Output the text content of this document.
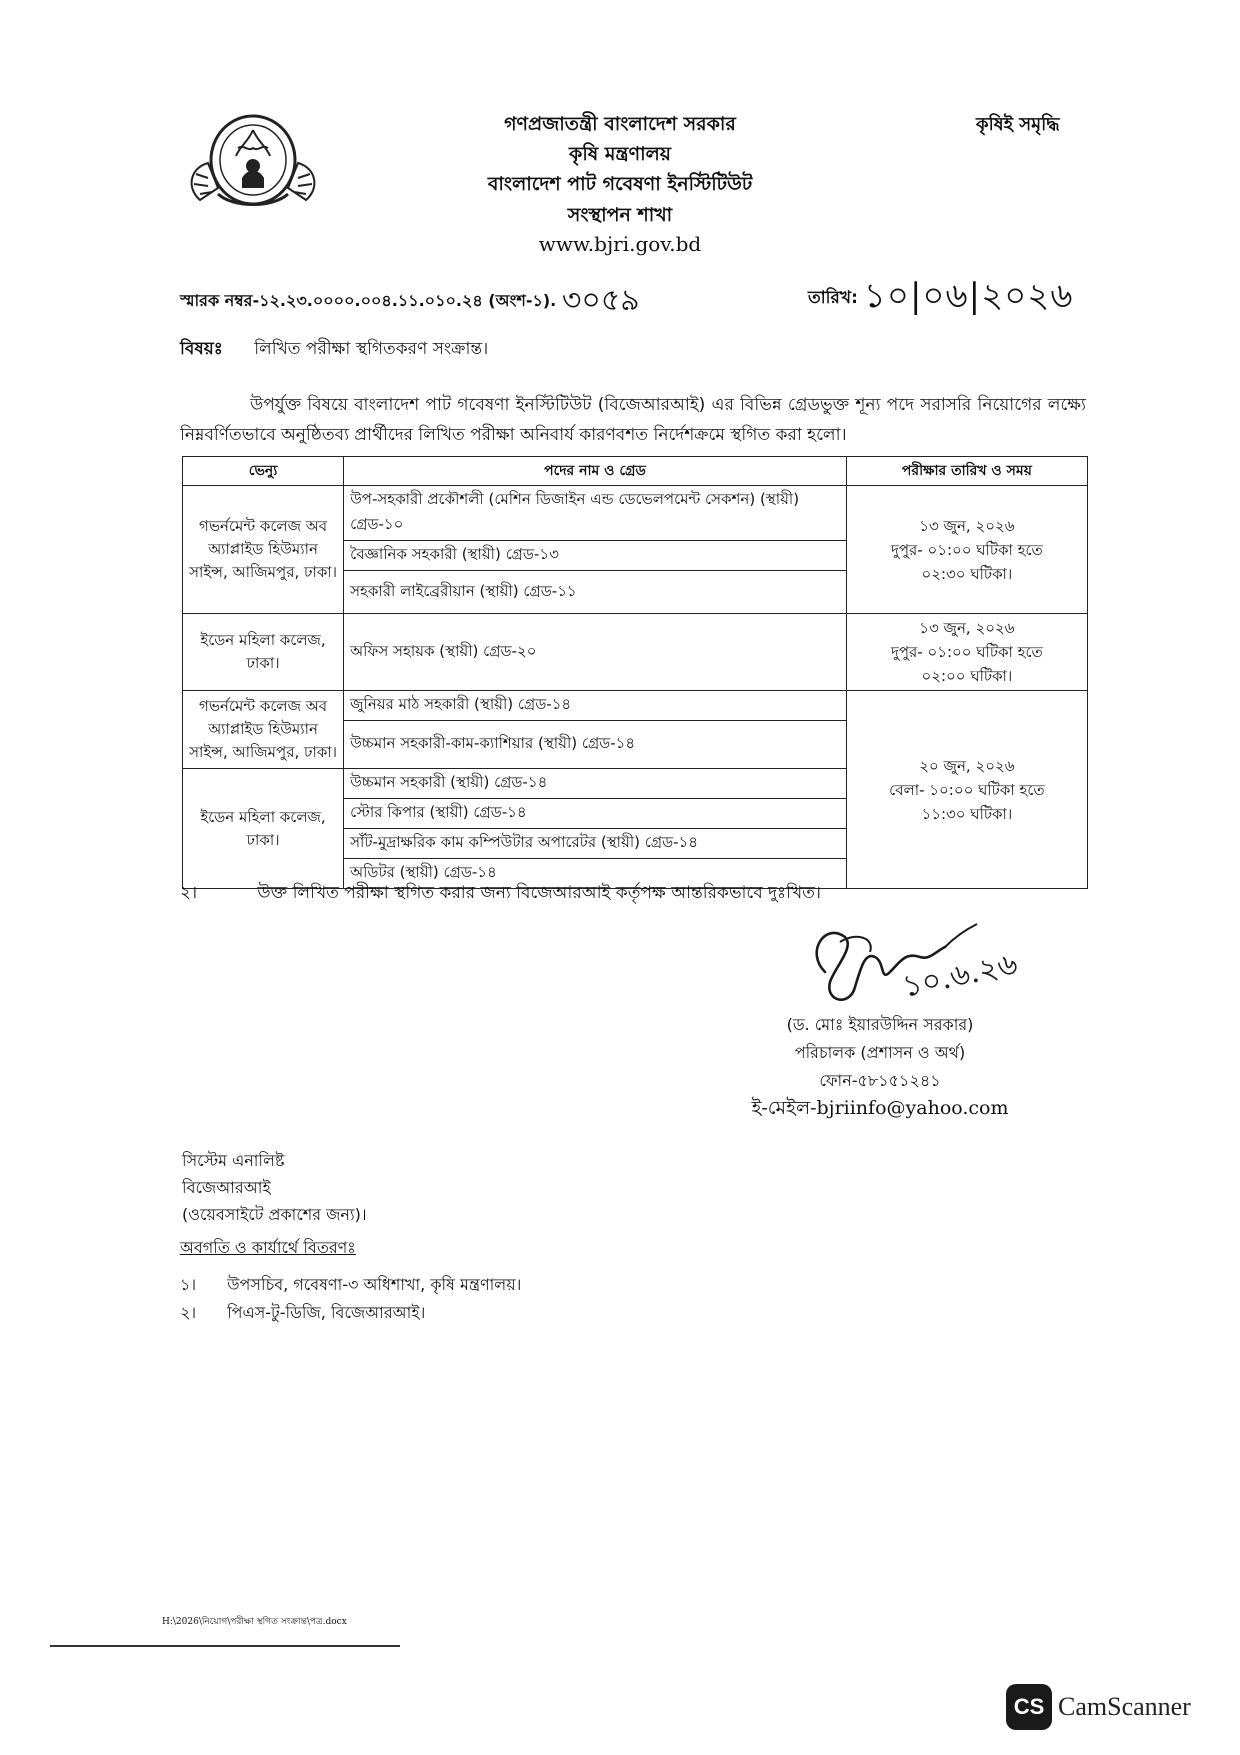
গণপ্রজাতন্ত্রী বাংলাদেশ সরকার
কৃষি মন্ত্রণালয়
বাংলাদেশ পাট গবেষণা ইনস্টিটিউট
সংস্থাপন শাখা
www.bjri.gov.bd
কৃষিই সমৃদ্ধি
স্মারক নম্বর-১২.২৩.০০০০.০০৪.১১.০১০.২৪ (অংশ-১). ৩০৫৯	তারিখ: ১০|০৬|২০২৬
বিষয়ঃ লিখিত পরীক্ষা স্থগিতকরণ সংক্রান্ত।
উপর্যুক্ত বিষয়ে বাংলাদেশ পাট গবেষণা ইনস্টিটিউট (বিজেআরআই) এর বিভিন্ন গ্রেডভুক্ত শূন্য পদে সরাসরি নিয়োগের লক্ষ্যে নিম্নবর্ণিতভাবে অনুষ্ঠিতব্য প্রার্থীদের লিখিত পরীক্ষা অনিবার্য কারণবশত নির্দেশক্রমে স্থগিত করা হলো।
ভেন্যু	পদের নাম ও গ্রেড	পরীক্ষার তারিখ ও সময়
গভর্নমেন্ট কলেজ অব অ্যাপ্লাইড হিউম্যান সাইন্স, আজিমপুর, ঢাকা।	উপ-সহকারী প্রকৌশলী (মেশিন ডিজাইন এন্ড ডেভেলপমেন্ট সেকশন) (স্থায়ী) গ্রেড-১০	১৩ জুন, ২০২৬
দুপুর- ০১:০০ ঘটিকা হতে
০২:৩০ ঘটিকা।

	বৈজ্ঞানিক সহকারী (স্থায়ী) গ্রেড-১৩	
	সহকারী লাইব্রেরীয়ান (স্থায়ী) গ্রেড-১১	
ইডেন মহিলা কলেজ, ঢাকা।	অফিস সহায়ক (স্থায়ী) গ্রেড-২০	১৩ জুন, ২০২৬
দুপুর- ০১:০০ ঘটিকা হতে
০২:০০ ঘটিকা।

গভর্নমেন্ট কলেজ অব অ্যাপ্লাইড হিউম্যান সাইন্স, আজিমপুর, ঢাকা।	জুনিয়র মাঠ সহকারী (স্থায়ী) গ্রেড-১৪	২০ জুন, ২০২৬
বেলা- ১০:০০ ঘটিকা হতে
১১:৩০ ঘটিকা।

	উচ্চমান সহকারী-কাম-ক্যাশিয়ার (স্থায়ী) গ্রেড-১৪	
ইডেন মহিলা কলেজ, ঢাকা।	উচ্চমান সহকারী (স্থায়ী) গ্রেড-১৪	
	স্টোর কিপার (স্থায়ী) গ্রেড-১৪	
	সাঁট-মুদ্রাক্ষরিক কাম কম্পিউটার অপারেটর (স্থায়ী) গ্রেড-১৪	
	অডিটর (স্থায়ী) গ্রেড-১৪	
২।	উক্ত লিখিত পরীক্ষা স্থগিত করার জন্য বিজেআরআই কর্তৃপক্ষ আন্তরিকভাবে দুঃখিত।
১০.৬.২৬
(ড. মোঃ ইয়ারউদ্দিন সরকার)
পরিচালক (প্রশাসন ও অর্থ)
ফোন-৫৮১৫১২৪১
ই-মেইল-bjriinfo@yahoo.com
সিস্টেম এনালিষ্ট
বিজেআরআই
(ওয়েবসাইটে প্রকাশের জন্য)।
অবগতি ও কার্যার্থে বিতরণঃ
১। উপসচিব, গবেষণা-৩ অধিশাখা, কৃষি মন্ত্রণালয়।
২। পিএস-টু-ডিজি, বিজেআরআই।
H:\2026\নিয়োগ\পরীক্ষা স্থগিত সংক্রান্ত\পত্র.docx
CS CamScanner
